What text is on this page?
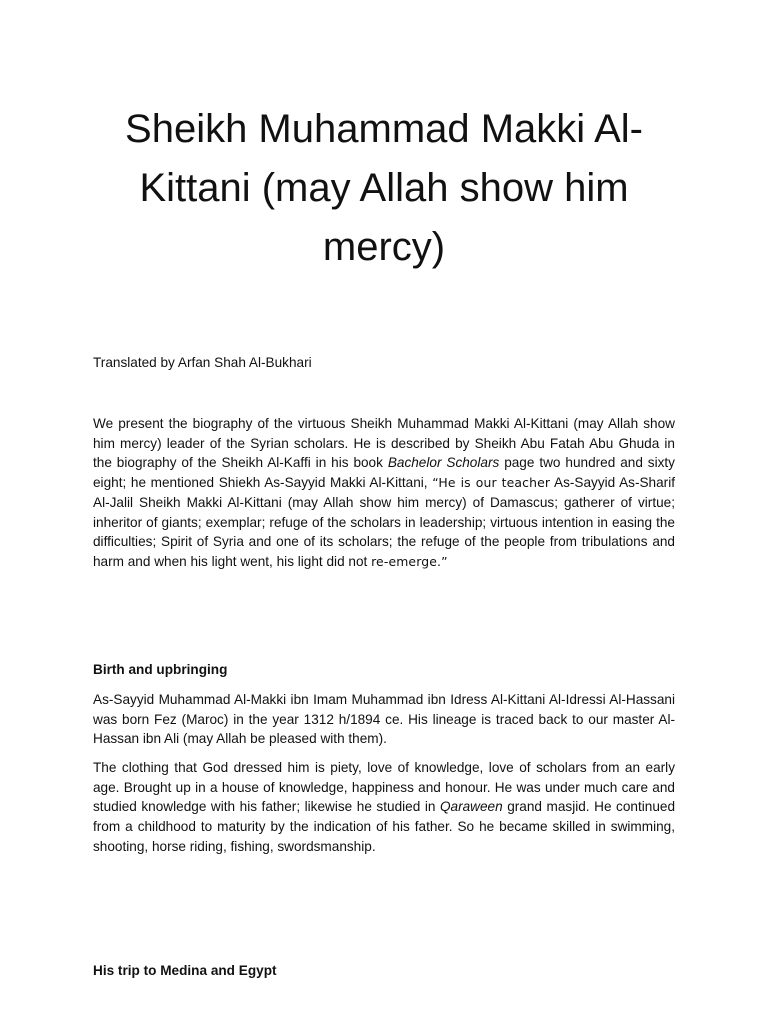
Sheikh Muhammad Makki Al-Kittani (may Allah show him mercy)

Translated by Arfan Shah Al-Bukhari

We present the biography of the virtuous Sheikh Muhammad Makki Al-Kittani (may Allah show him mercy) leader of the Syrian scholars. He is described by Sheikh Abu Fatah Abu Ghuda in the biography of the Sheikh Al-Kaffi in his book Bachelor Scholars page two hundred and sixty eight; he mentioned Shiekh As-Sayyid Makki Al-Kittani, “He is our teacher As-Sayyid As-Sharif Al-Jalil Sheikh Makki Al-Kittani (may Allah show him mercy) of Damascus; gatherer of virtue; inheritor of giants; exemplar; refuge of the scholars in leadership; virtuous intention in easing the difficulties; Spirit of Syria and one of its scholars; the refuge of the people from tribulations and harm and when his light went, his light did not re-emerge.”

Birth and upbringing

As-Sayyid Muhammad Al-Makki ibn Imam Muhammad ibn Idress Al-Kittani Al-Idressi Al-Hassani was born Fez (Maroc) in the year 1312 h/1894 ce. His lineage is traced back to our master Al-Hassan ibn Ali (may Allah be pleased with them).

The clothing that God dressed him is piety, love of knowledge, love of scholars from an early age. Brought up in a house of knowledge, happiness and honour. He was under much care and studied knowledge with his father; likewise he studied in Qaraween grand masjid. He continued from a childhood to maturity by the indication of his father. So he became skilled in swimming, shooting, horse riding, fishing, swordsmanship.

His trip to Medina and Egypt
